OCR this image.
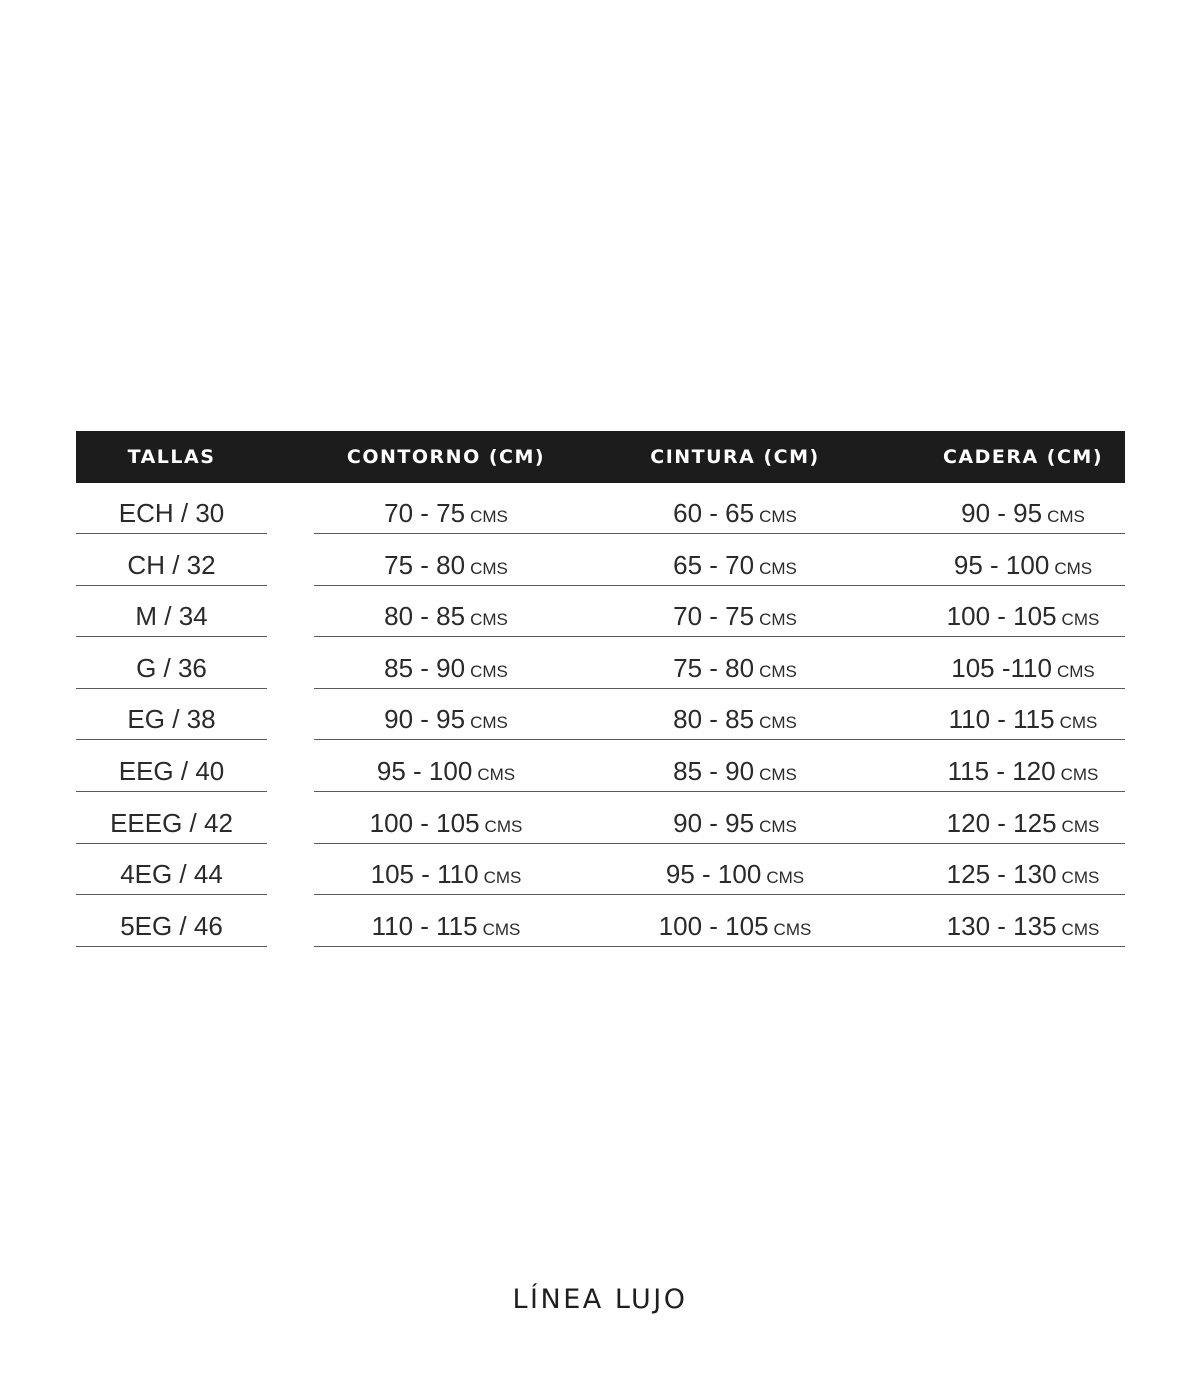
TALLAS	CONTORNO (CM)	CINTURA (CM)	CADERA (CM)
ECH / 30	70 - 75 CMS	60 - 65 CMS	90 - 95 CMS
CH / 32	75 - 80 CMS	65 - 70 CMS	95 - 100 CMS
M / 34	80 - 85 CMS	70 - 75 CMS	100 - 105 CMS
G / 36	85 - 90 CMS	75 - 80 CMS	105 -110 CMS
EG / 38	90 - 95 CMS	80 - 85 CMS	110 - 115 CMS
EEG / 40	95 - 100 CMS	85 - 90 CMS	115 - 120 CMS
EEEG / 42	100 - 105 CMS	90 - 95 CMS	120 - 125 CMS
4EG / 44	105 - 110 CMS	95 - 100 CMS	125 - 130 CMS
5EG / 46	110 - 115 CMS	100 - 105 CMS	130 - 135 CMS
LÍNEA LUJO
